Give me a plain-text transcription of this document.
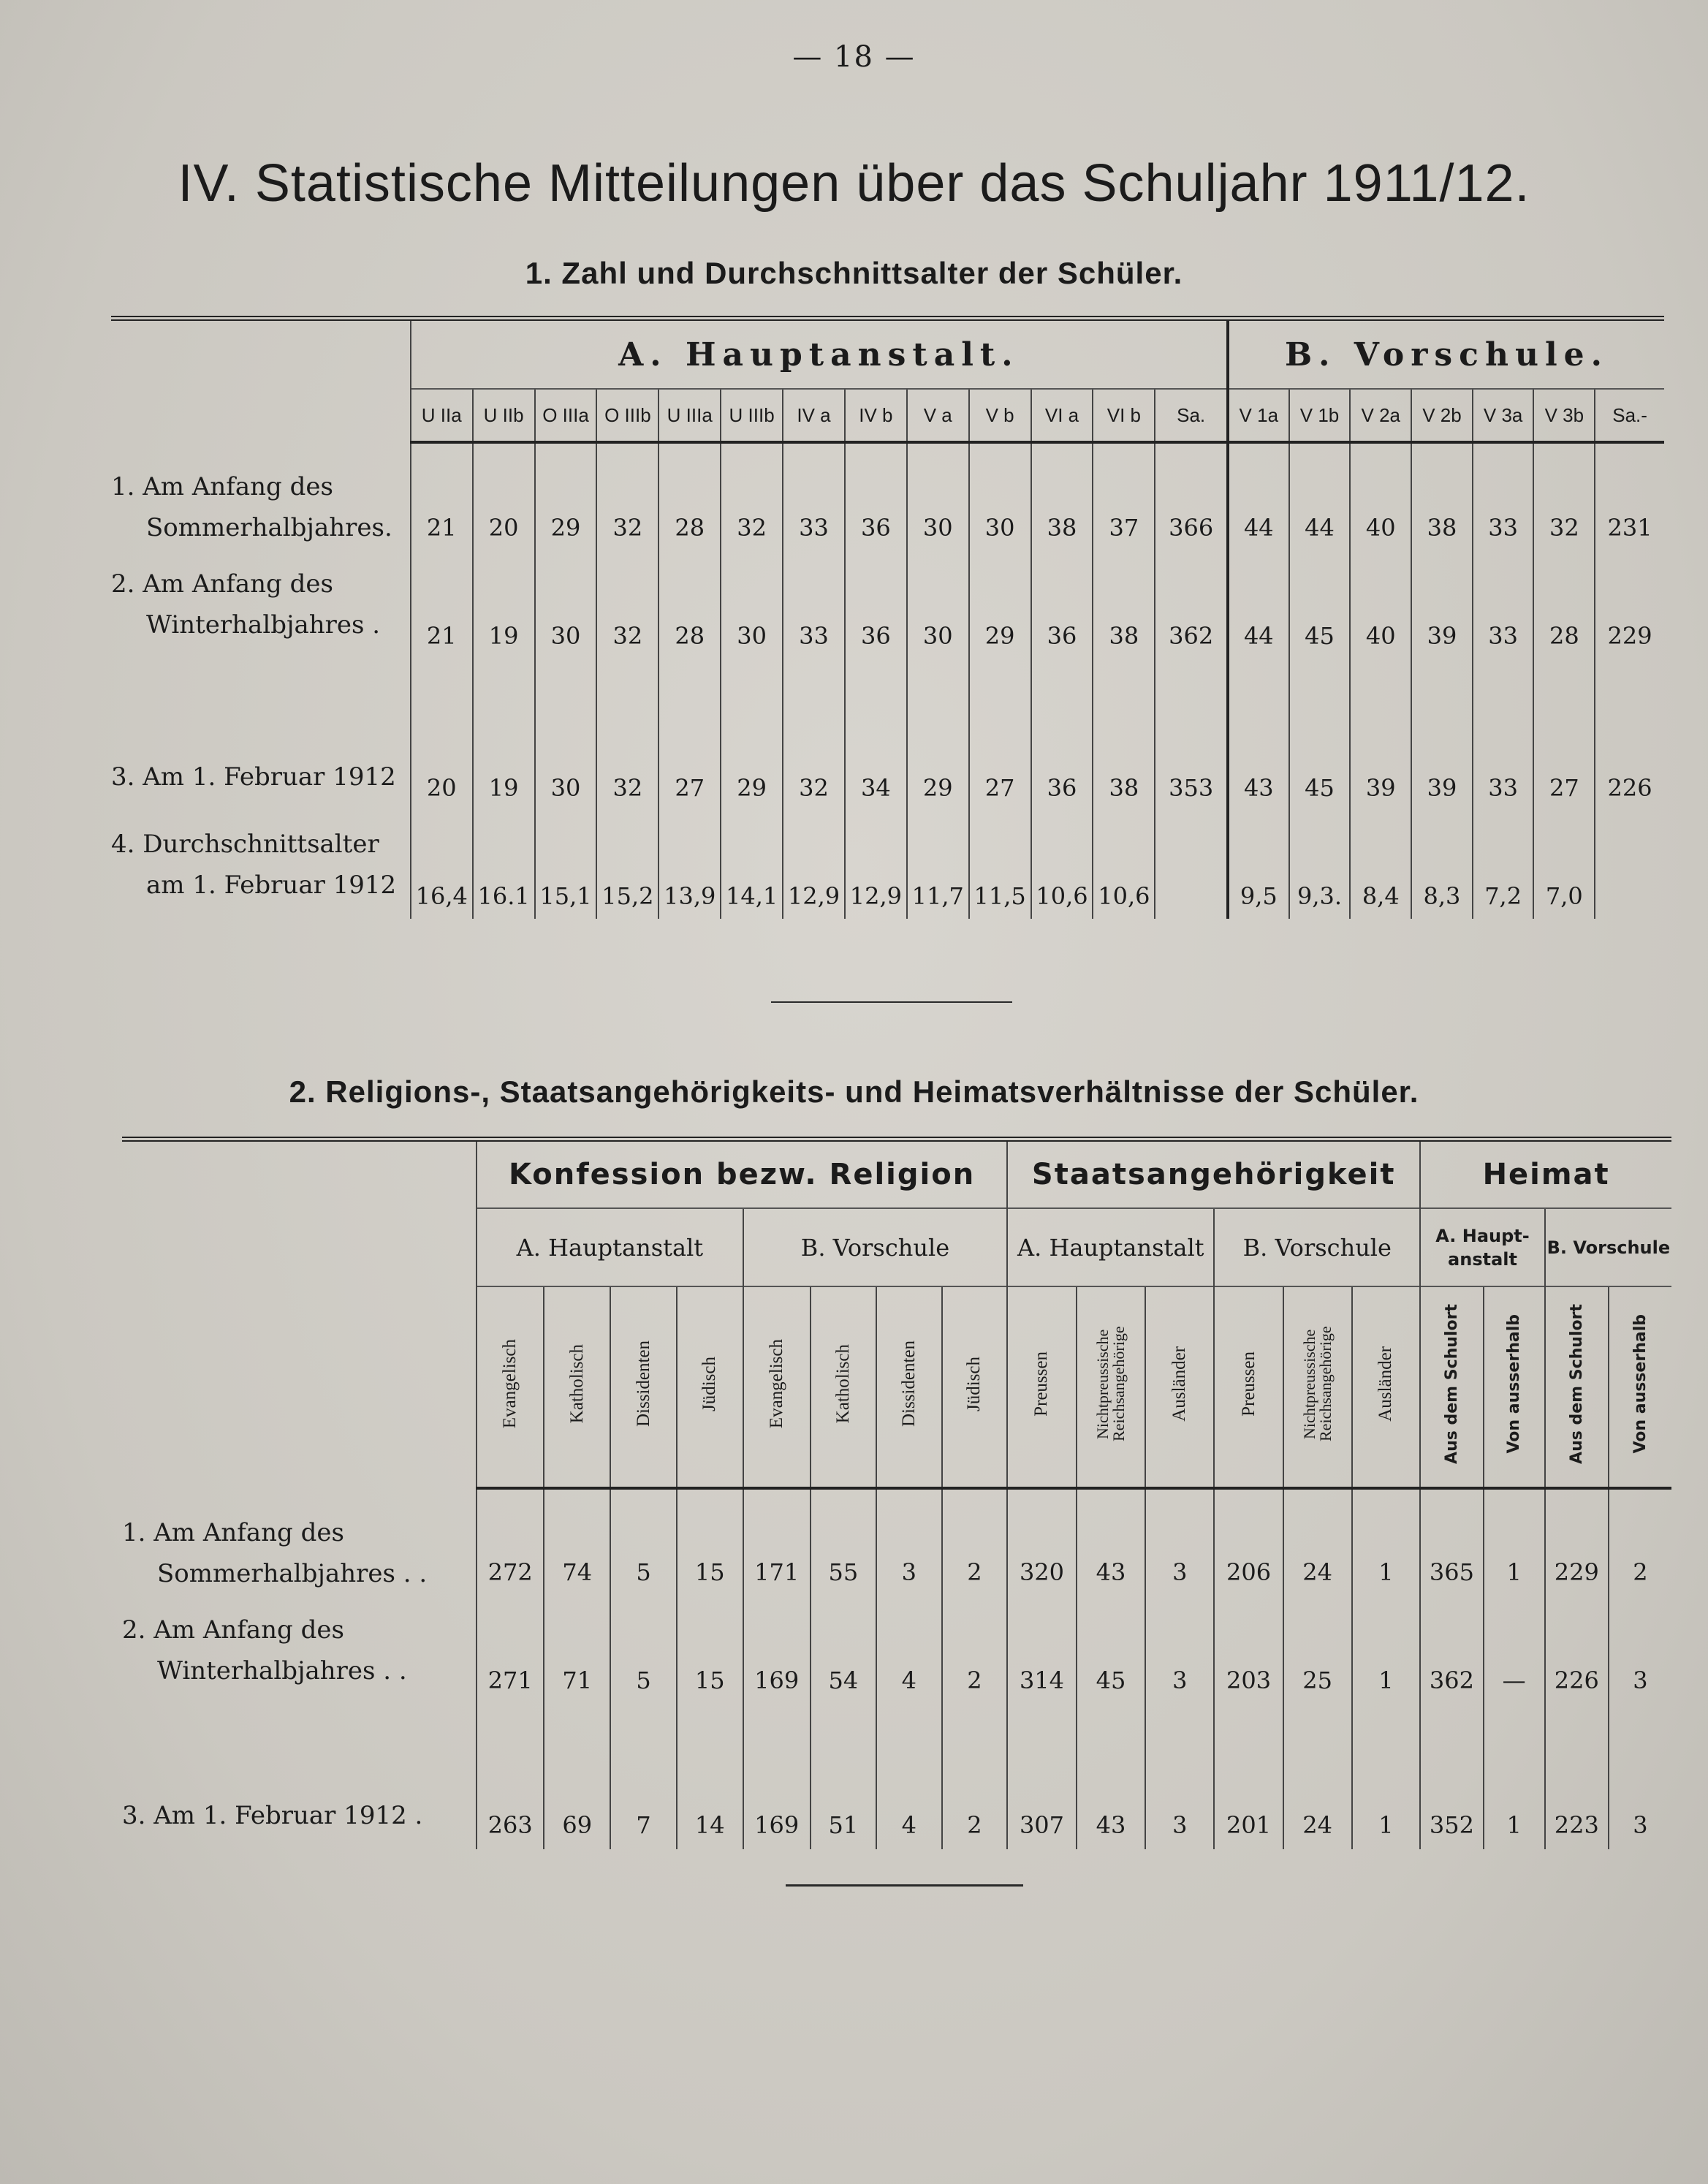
— 18 —
IV. Statistische Mitteilungen über das Schuljahr 1911/12.
1. Zahl und Durchschnittsalter der Schüler.
	A. Hauptanstalt.													B. Vorschule.						
	U IIa	U IIb	O IIIa	O IIIb	U IIIa	U IIIb	IV a	IV b	V a	V b	VI a	VI b	Sa.	V 1a	V 1b	V 2a	V 2b	V 3a	V 3b	Sa.-

1. Am Anfang des
Sommerhalbjahres.	21	20	29	32	28	32	33	36	30	30	38	37	366	44	44	40	38	33	32	231

2. Am Anfang des
Winterhalbjahres .	21	19	30	32	28	30	33	36	30	29	36	38	362	44	45	40	39	33	28	229

3. Am 1. Februar 1912	20	19	30	32	27	29	32	34	29	27	36	38	353	43	45	39	39	33	27	226

4. Durchschnittsalter
am 1. Februar 1912	16,4	16.1	15,1	15,2	13,9	14,1	12,9	12,9	11,7	11,5	10,6	10,6		9,5	9,3.	8,4	8,3	7,2	7,0	
2. Religions-, Staatsangehörigkeits- und Heimatsverhältnisse der Schüler.
	Konfession bezw. Religion								Staatsangehörigkeit						Heimat			
	A. Hauptanstalt				B. Vorschule				A. Hauptanstalt			B. Vorschule			A. Haupt- anstalt		B. Vorschule	
	Evangelisch	Katholisch	Dissidenten	Jüdisch	Evangelisch	Katholisch	Dissidenten	Jüdisch	Preussen	Nichtpreussische Reichsangehörige	Ausländer	Preussen	Nichtpreussische Reichsangehörige	Ausländer	Aus dem Schulort	Von ausserhalb	Aus dem Schulort	Von ausserhalb

1. Am Anfang des
Sommerhalbjahres . .	272	74	5	15	171	55	3	2	320	43	3	206	24	1	365	1	229	2

2. Am Anfang des
Winterhalbjahres . .	271	71	5	15	169	54	4	2	314	45	3	203	25	1	362	—	226	3

3. Am 1. Februar 1912 .	263	69	7	14	169	51	4	2	307	43	3	201	24	1	352	1	223	3
